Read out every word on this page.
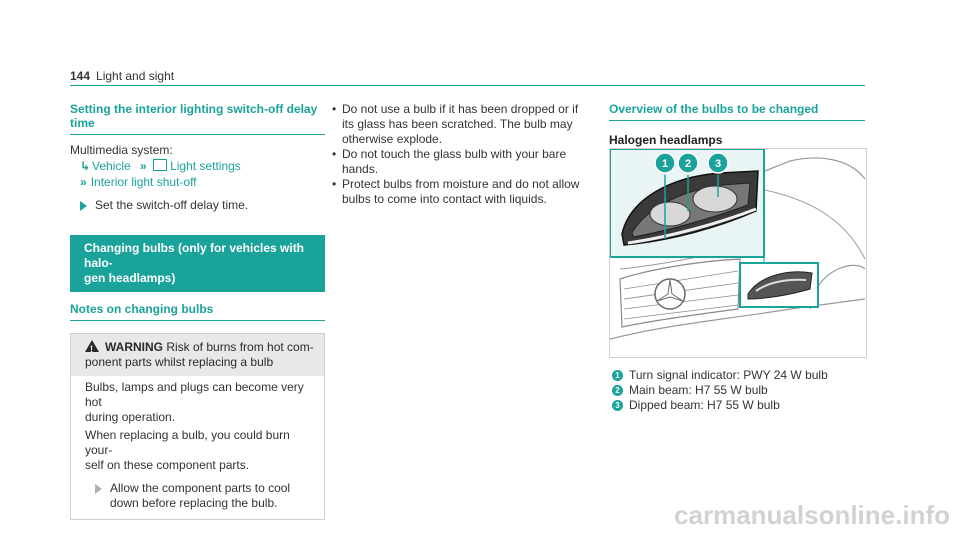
144 Light and sight
Setting the interior lighting switch-off delay
time
Multimedia system:
↳ Vehicle » Light settings
» Interior light shut-off
Set the switch-off delay time.
Changing bulbs (only for vehicles with halo-
gen headlamps)
Notes on changing bulbs
!WARNING Risk of burns from hot com-
ponent parts whilst replacing a bulb
Bulbs, lamps and plugs can become very hot
during operation.
When replacing a bulb, you could burn your-
self on these component parts.
Allow the component parts to cool
down before replacing the bulb.
• Do not use a bulb if it has been dropped or if
its glass has been scratched. The bulb may
otherwise explode.
• Do not touch the glass bulb with your bare
hands.
• Protect bulbs from moisture and do not allow
bulbs to come into contact with liquids.
Overview of the bulbs to be changed
Halogen headlamps
1 2 3
1 Turn signal indicator: PWY 24 W bulb
2 Main beam: H7 55 W bulb
3 Dipped beam: H7 55 W bulb
carmanualsonline.info
